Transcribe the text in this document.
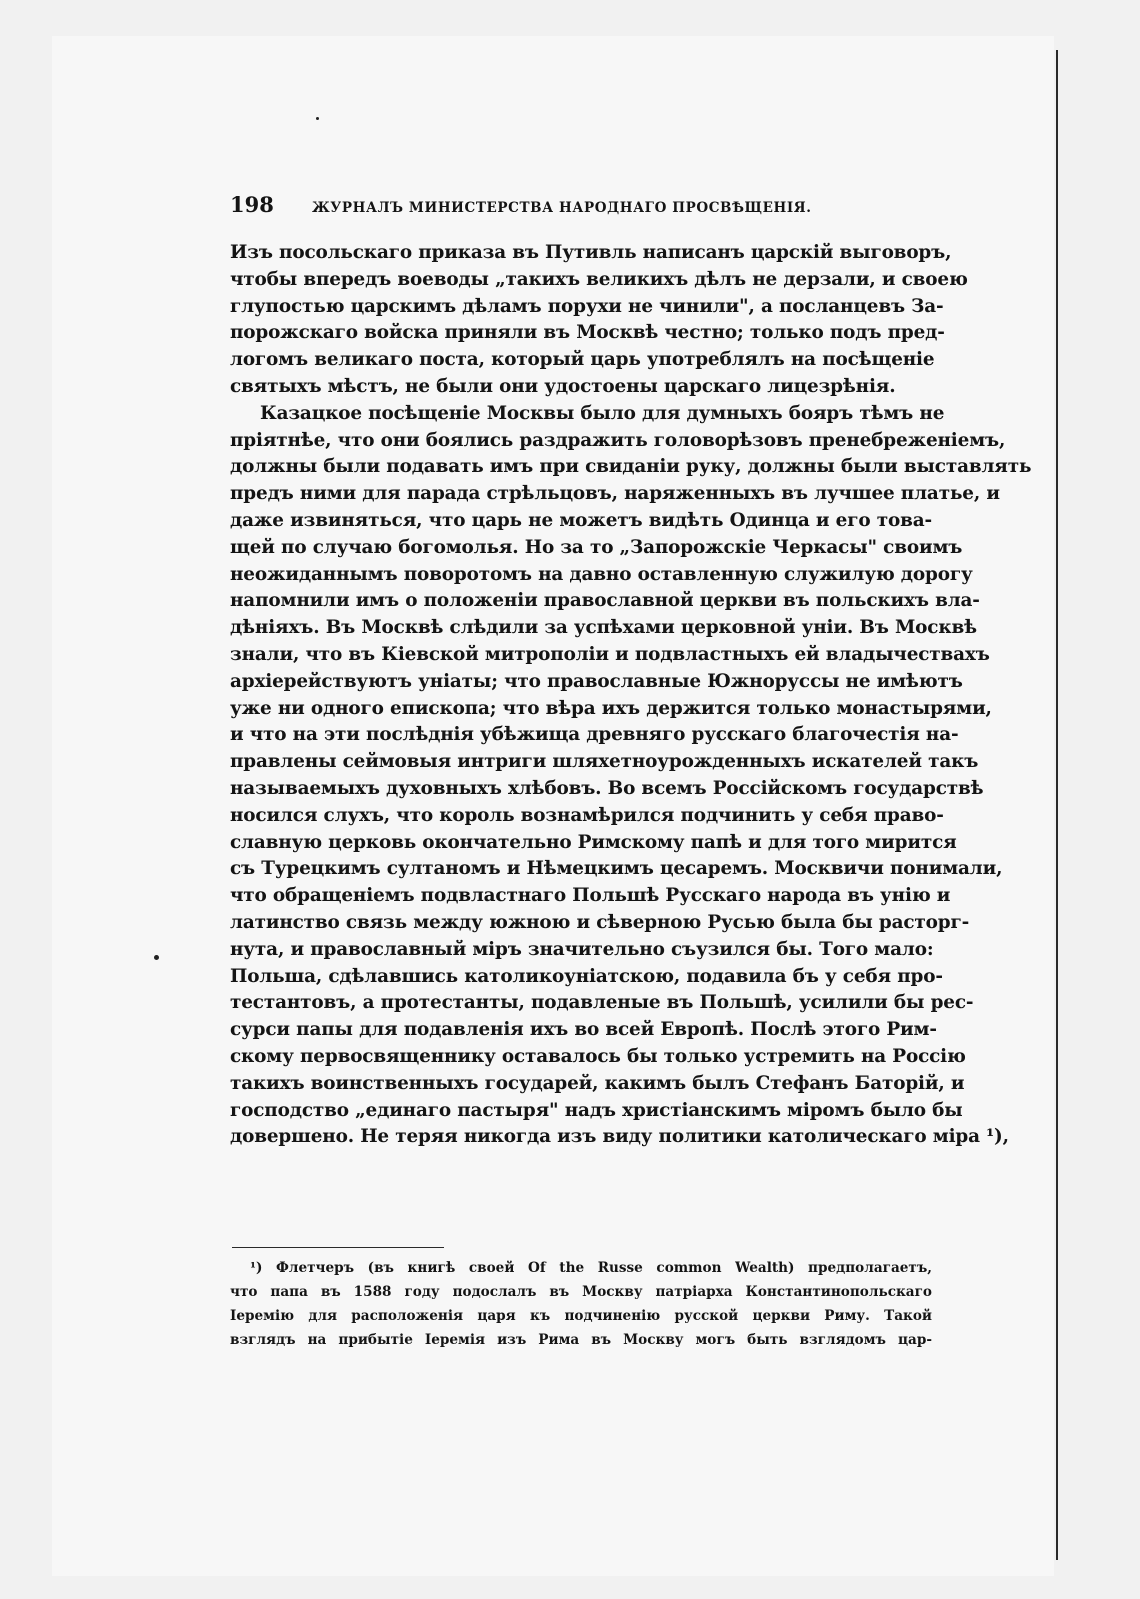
198	ЖУРНАЛЪ МИНИСТЕРСТВА НАРОДНАГО ПРОСВѢЩЕНІЯ.
Изъ посольскаго приказа въ Путивль написанъ царскій выговоръ,
чтобы впередъ воеводы „такихъ великихъ дѣлъ не дерзали, и своею
глупостью царскимъ дѣламъ порухи не чинили", а посланцевъ За-
порожскаго войска приняли въ Москвѣ честно; только подъ пред-
логомъ великаго поста, который царь употреблялъ на посѣщеніе
святыхъ мѣстъ, не были они удостоены царскаго лицезрѣнія.
Казацкое посѣщеніе Москвы было для думныхъ бояръ тѣмъ не
пріятнѣе, что они боялись раздражить головорѣзовъ пренебреженіемъ,
должны были подавать имъ при свиданіи руку, должны были выставлять
предъ ними для парада стрѣльцовъ, наряженныхъ въ лучшее платье, и
даже извиняться, что царь не можетъ видѣть Одинца и его това-
щей по случаю богомолья. Но за то „Запорожскіе Черкасы" своимъ
неожиданнымъ поворотомъ на давно оставленную служилую дорогу
напомнили имъ о положеніи православной церкви въ польскихъ вла-
дѣніяхъ. Въ Москвѣ слѣдили за успѣхами церковной уніи. Въ Москвѣ
знали, что въ Кіевской митрополіи и подвластныхъ ей владычествахъ
архіерействуютъ уніаты; что православные Южноруссы не имѣютъ
уже ни одного епископа; что вѣра ихъ держится только монастырями,
и что на эти послѣднія убѣжища древняго русскаго благочестія на-
правлены сеймовыя интриги шляхетноурожденныхъ искателей такъ
называемыхъ духовныхъ хлѣбовъ. Во всемъ Россійскомъ государствѣ
носился слухъ, что король вознамѣрился подчинить у себя право-
славную церковь окончательно Римскому папѣ и для того мирится
съ Турецкимъ султаномъ и Нѣмецкимъ цесаремъ. Москвичи понимали,
что обращеніемъ подвластнаго Польшѣ Русскаго народа въ унію и
латинство связь между южною и сѣверною Русью была бы расторг-
нута, и православный міръ значительно съузился бы. Того мало:
Польша, сдѣлавшись католикоуніатскою, подавила бъ у себя про-
тестантовъ, а протестанты, подавленые въ Польшѣ, усилили бы рес-
сурси папы для подавленія ихъ во всей Европѣ. Послѣ этого Рим-
скому первосвященнику оставалось бы только устремить на Россію
такихъ воинственныхъ государей, какимъ былъ Стефанъ Баторій, и
господство „единаго пастыря" надъ христіанскимъ міромъ было бы
довершено. Не теряя никогда изъ виду политики католическаго міра ¹),
¹) Флетчеръ (въ книгѣ своей Of the Russe common Wealth) предполагаетъ,
что папа въ 1588 году подослалъ въ Москву патріарха Константинопольскаго
Іеремію для расположенія царя къ подчиненію русской церкви Риму. Такой
взглядъ на прибытіе Іеремія изъ Рима въ Москву могъ быть взглядомъ цар-
